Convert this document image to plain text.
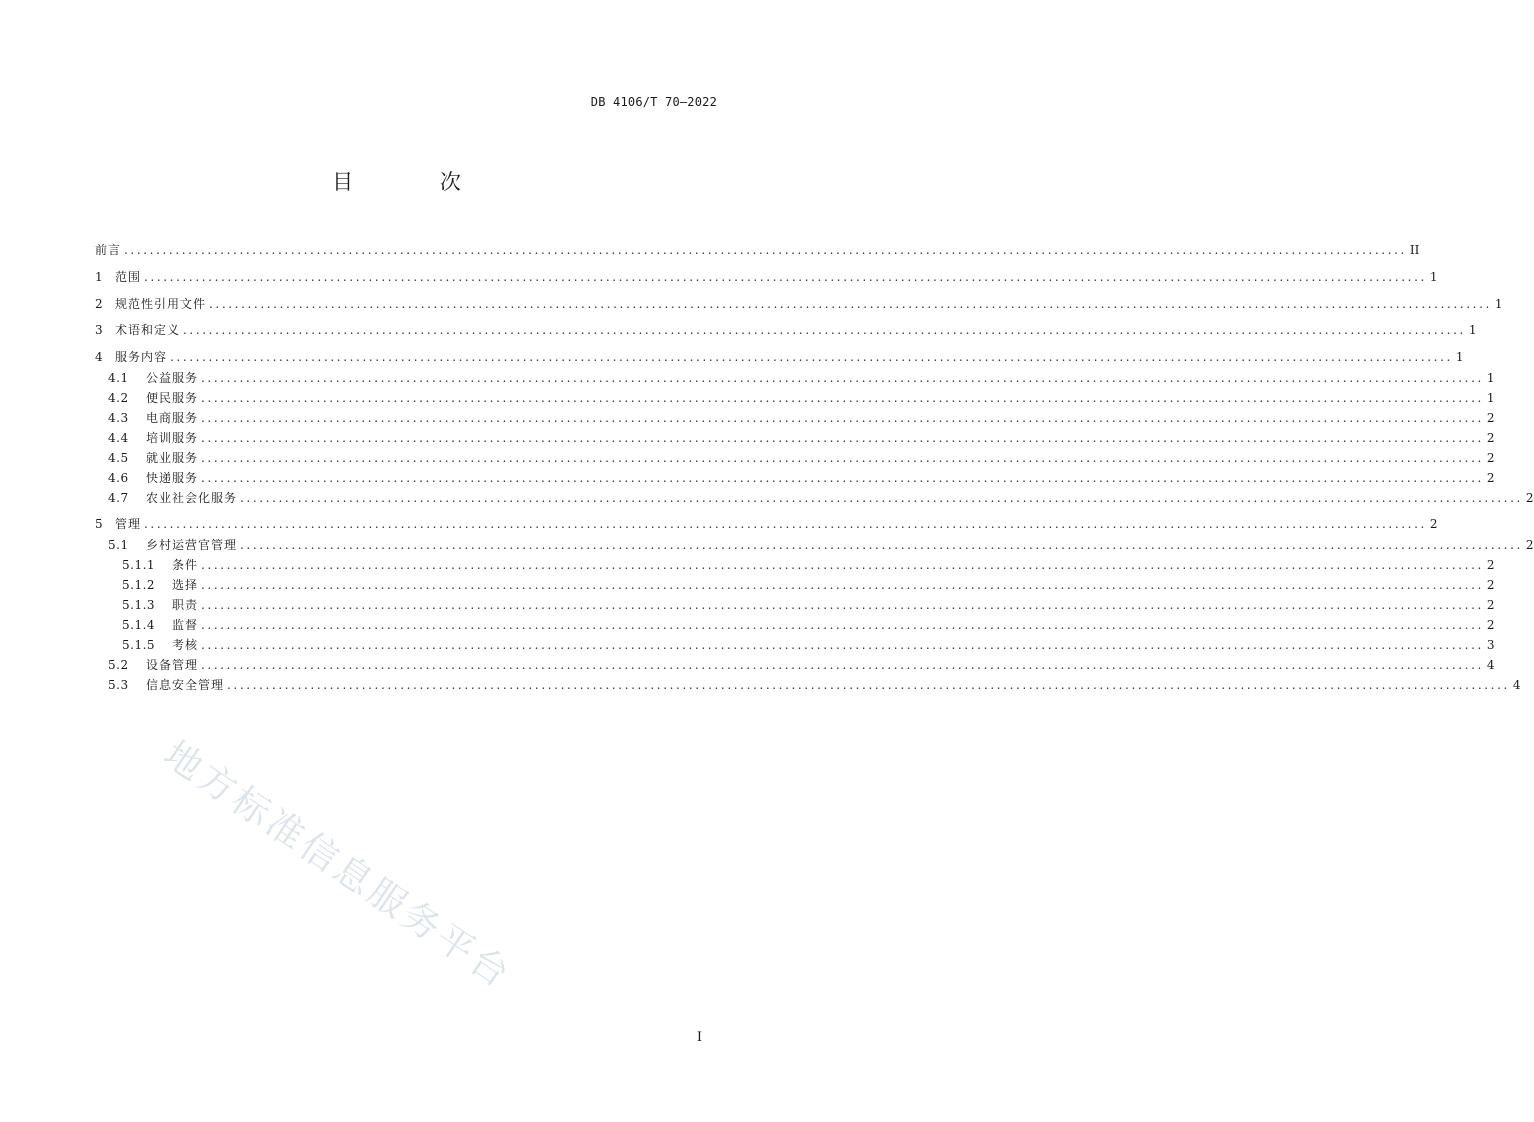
DB 4106/T 70—2022
目 次
前言 ........................................................................................................................................................................................................ II
1 范围 ........................................................................................................................................................................................................ 1
2 规范性引用文件 ........................................................................................................................................................................................................ 1
3 术语和定义 ........................................................................................................................................................................................................ 1
4 服务内容 ........................................................................................................................................................................................................ 1
4.1	公益服务 ........................................................................................................................................................................................................ 1
4.2	便民服务 ........................................................................................................................................................................................................ 1
4.3	电商服务 ........................................................................................................................................................................................................ 2
4.4	培训服务 ........................................................................................................................................................................................................ 2
4.5	就业服务 ........................................................................................................................................................................................................ 2
4.6	快递服务 ........................................................................................................................................................................................................ 2
4.7	农业社会化服务 ........................................................................................................................................................................................................ 2
5 管理 ........................................................................................................................................................................................................ 2
5.1	乡村运营官管理 ........................................................................................................................................................................................................ 2
5.1.1	条件 ........................................................................................................................................................................................................ 2
5.1.2	选择 ........................................................................................................................................................................................................ 2
5.1.3	职责 ........................................................................................................................................................................................................ 2
5.1.4	监督 ........................................................................................................................................................................................................ 2
5.1.5	考核 ........................................................................................................................................................................................................ 3
5.2	设备管理 ........................................................................................................................................................................................................ 4
5.3	信息安全管理 ........................................................................................................................................................................................................ 4
I
地方标准信息服务平台
